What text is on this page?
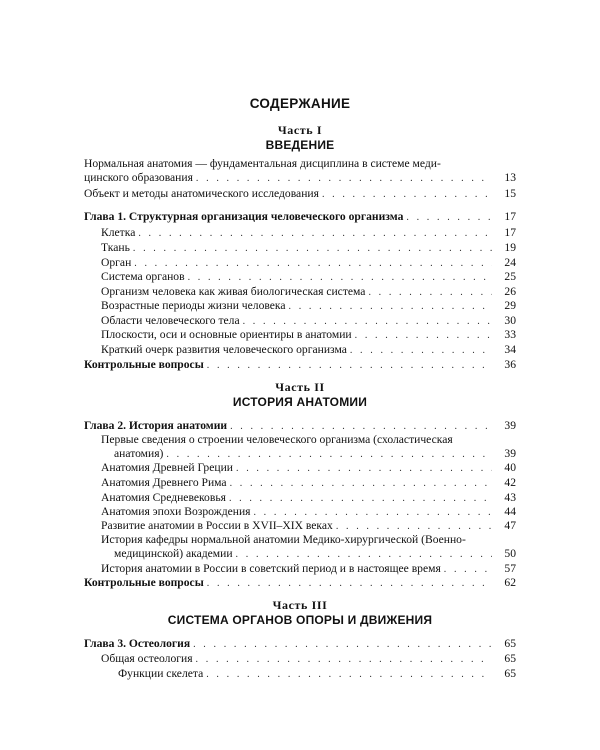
СОДЕРЖАНИЕ
Часть I
ВВЕДЕНИЕ
Нормальная анатомия — фундаментальная дисциплина в системе меди-
цинского образования . . .	13
Объект и методы анатомического исследования . . .	15
Глава 1. Структурная организация человеческого организма . . .	17
Клетка . . .	17
Ткань . . .	19
Орган . . .	24
Система органов . . .	25
Организм человека как живая биологическая система . . .	26
Возрастные периоды жизни человека . . .	29
Области человеческого тела . . .	30
Плоскости, оси и основные ориентиры в анатомии . . .	33
Краткий очерк развития человеческого организма . . .	34
Контрольные вопросы . . .	36
Часть II
ИСТОРИЯ АНАТОМИИ
Глава 2. История анатомии . . .	39
Первые сведения о строении человеческого организма (схоластическая
анатомия) . . .	39
Анатомия Древней Греции . . .	40
Анатомия Древнего Рима . . .	42
Анатомия Средневековья . . .	43
Анатомия эпохи Возрождения . . .	44
Развитие анатомии в России в XVII–XIX веках . . .	47
История кафедры нормальной анатомии Медико-хирургической (Военно-
медицинской) академии . . .	50
История анатомии в России в советский период и в настоящее время . . .	57
Контрольные вопросы . . .	62
Часть III
СИСТЕМА ОРГАНОВ ОПОРЫ И ДВИЖЕНИЯ
Глава 3. Остеология . . .	65
Общая остеология . . .	65
Функции скелета . . .	65
